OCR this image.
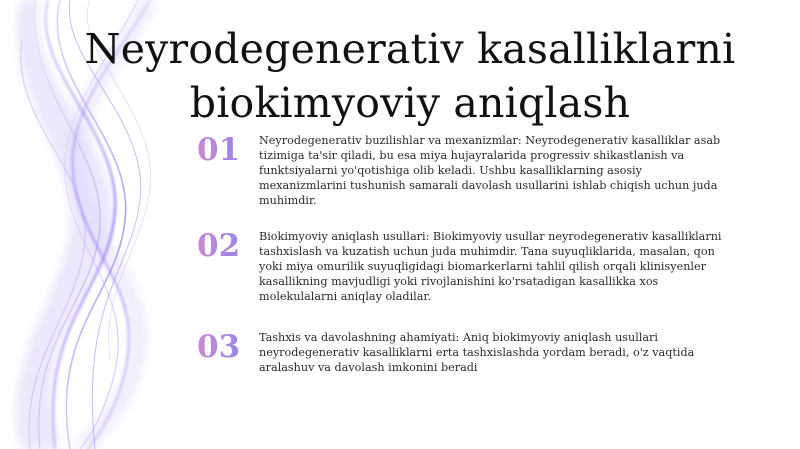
Neyrodegenerativ kasalliklarni biokimyoviy aniqlash
01	Neyrodegenerativ buzilishlar va mexanizmlar: Neyrodegenerativ kasalliklar asab tizimiga ta'sir qiladi, bu esa miya hujayralarida progressiv shikastlanish va funktsiyalarni yo'qotishiga olib keladi. Ushbu kasalliklarning asosiy mexanizmlarini tushunish samarali davolash usullarini ishlab chiqish uchun juda muhimdir.

02	Biokimyoviy aniqlash usullari: Biokimyoviy usullar neyrodegenerativ kasalliklarni tashxislash va kuzatish uchun juda muhimdir. Tana suyuqliklarida, masalan, qon yoki miya omurilik suyuqligidagi biomarkerlarni tahlil qilish orqali klinisyenler kasallikning mavjudligi yoki rivojlanishini ko'rsatadigan kasallikka xos molekulalarni aniqlay oladilar.

03	Tashxis va davolashning ahamiyati: Aniq biokimyoviy aniqlash usullari neyrodegenerativ kasalliklarni erta tashxislashda yordam beradi, o'z vaqtida aralashuv va davolash imkonini beradi
